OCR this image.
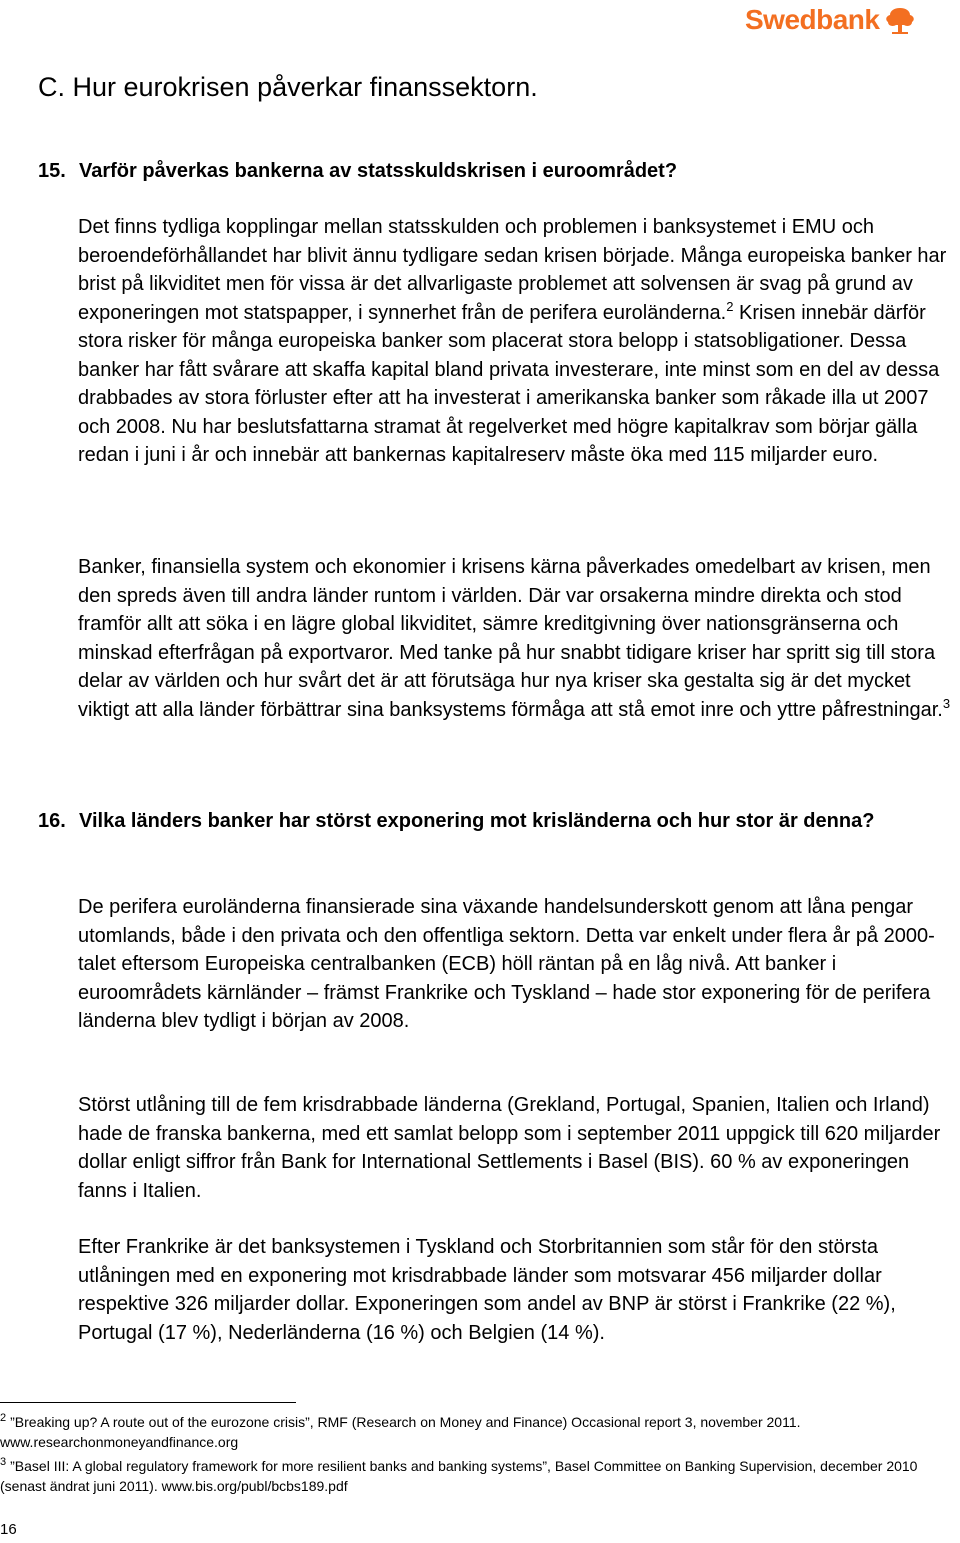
Swedbank
C. Hur eurokrisen påverkar finanssektorn.
15. Varför påverkas bankerna av statsskuldskrisen i euroområdet?

Det finns tydliga kopplingar mellan statsskulden och problemen i banksystemet i EMU och beroendeförhållandet har blivit ännu tydligare sedan krisen började. Många europeiska banker har brist på likviditet men för vissa är det allvarligaste problemet att solvensen är svag på grund av exponeringen mot statspapper, i synnerhet från de perifera euroländerna.$^2$ Krisen innebär därför stora risker för många europeiska banker som placerat stora belopp i statsobligationer. Dessa banker har fått svårare att skaffa kapital bland privata investerare, inte minst som en del av dessa drabbades av stora förluster efter att ha investerat i amerikanska banker som råkade illa ut 2007 och 2008. Nu har beslutsfattarna stramat åt regelverket med högre kapitalkrav som börjar gälla redan i juni i år och innebär att bankernas kapitalreserv måste öka med 115 miljarder euro.

Banker, finansiella system och ekonomier i krisens kärna påverkades omedelbart av krisen, men den spreds även till andra länder runtom i världen. Där var orsakerna mindre direkta och stod framför allt att söka i en lägre global likviditet, sämre kreditgivning över nationsgränserna och minskad efterfrågan på exportvaror. Med tanke på hur snabbt tidigare kriser har spritt sig till stora delar av världen och hur svårt det är att förutsäga hur nya kriser ska gestalta sig är det mycket viktigt att alla länder förbättrar sina banksystems förmåga att stå emot inre och yttre påfrestningar.$^3$

16. Vilka länders banker har störst exponering mot krisländerna och hur stor är denna?

De perifera euroländerna finansierade sina växande handelsunderskott genom att låna pengar utomlands, både i den privata och den offentliga sektorn. Detta var enkelt under flera år på 2000-talet eftersom Europeiska centralbanken (ECB) höll räntan på en låg nivå. Att banker i euroområdets kärnländer – främst Frankrike och Tyskland – hade stor exponering för de perifera länderna blev tydligt i början av 2008.

Störst utlåning till de fem krisdrabbade länderna (Grekland, Portugal, Spanien, Italien och Irland) hade de franska bankerna, med ett samlat belopp som i september 2011 uppgick till 620 miljarder dollar enligt siffror från Bank for International Settlements i Basel (BIS). 60 % av exponeringen fanns i Italien.

Efter Frankrike är det banksystemen i Tyskland och Storbritannien som står för den största utlåningen med en exponering mot krisdrabbade länder som motsvarar 456 miljarder dollar respektive 326 miljarder dollar. Exponeringen som andel av BNP är störst i Frankrike (22 %), Portugal (17 %), Nederländerna (16 %) och Belgien (14 %).

$^2$ ”Breaking up? A route out of the eurozone crisis”, RMF (Research on Money and Finance) Occasional report 3, november 2011. www.researchonmoneyandfinance.org

$^3$ ”Basel III: A global regulatory framework for more resilient banks and banking systems”, Basel Committee on Banking Supervision, december 2010 (senast ändrat juni 2011). www.bis.org/publ/bcbs189.pdf

16
